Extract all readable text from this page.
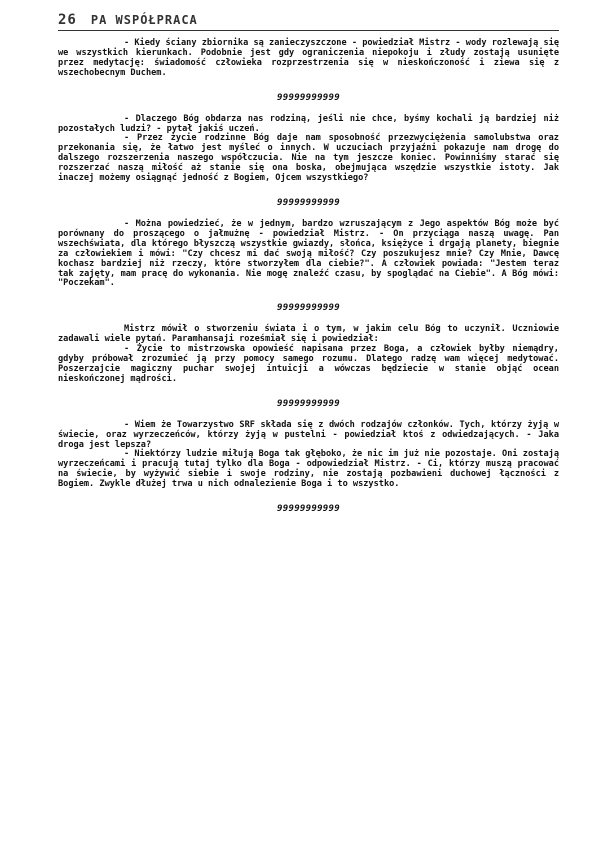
26 PA WSPÓŁPRACA

- Kiedy ściany zbiornika są zanieczyszczone - powiedział Mistrz - wody rozlewają się we wszystkich kierunkach. Podobnie jest gdy ograniczenia niepokoju i złudy zostają usunięte przez medytację: świadomość człowieka rozprzestrzenia się w nieskończoność i ziewa się z wszechobecnym Duchem.

99999999999

- Dlaczego Bóg obdarza nas rodziną, jeśli nie chce, byśmy kochali ją bardziej niż pozostałych ludzi? - pytał jakiś uczeń.

- Przez życie rodzinne Bóg daje nam sposobność przezwyciężenia samolubstwa oraz przekonania się, że łatwo jest myśleć o innych. W uczuciach przyjaźni pokazuje nam drogę do dalszego rozszerzenia naszego współczucia. Nie na tym jeszcze koniec. Powinniśmy starać się rozszerzać naszą miłość aż stanie się ona boska, obejmująca wszędzie wszystkie istoty. Jak inaczej możemy osiągnąć jedność z Bogiem, Ojcem wszystkiego?

99999999999

- Można powiedzieć, że w jednym, bardzo wzruszającym z Jego aspektów Bóg może być porównany do proszącego o jałmużnę - powiedział Mistrz. - On przyciąga naszą uwagę. Pan wszechświata, dla którego błyszczą wszystkie gwiazdy, słońca, księżyce i drgają planety, biegnie za człowiekiem i mówi: "Czy chcesz mi dać swoją miłość? Czy poszukujesz mnie? Czy Mnie, Dawcę kochasz bardziej niż rzeczy, które stworzyłem dla ciebie?". A człowiek powiada: "Jestem teraz tak zajęty, mam pracę do wykonania. Nie mogę znaleźć czasu, by spoglądać na Ciebie". A Bóg mówi: "Poczekam".

99999999999

Mistrz mówił o stworzeniu świata i o tym, w jakim celu Bóg to uczynił. Uczniowie zadawali wiele pytań. Paramhansaji roześmiał się i powiedział:

- Życie to mistrzowska opowieść napisana przez Boga, a człowiek byłby niemądry, gdyby próbował zrozumieć ją przy pomocy samego rozumu. Dlatego radzę wam więcej medytować. Poszerzajcie magiczny puchar swojej intuicji a wówczas będziecie w stanie objąć ocean nieskończonej mądrości.

99999999999

- Wiem że Towarzystwo SRF składa się z dwóch rodzajów członków. Tych, którzy żyją w świecie, oraz wyrzeczeńców, którzy żyją w pustelni - powiedział ktoś z odwiedzających. - Jaka droga jest lepsza?

- Niektórzy ludzie miłują Boga tak głęboko, że nic im już nie pozostaje. Oni zostają wyrzeczeńcami i pracują tutaj tylko dla Boga - odpowiedział Mistrz. - Ci, którzy muszą pracować na świecie, by wyżywić siebie i swoje rodziny, nie zostają pozbawieni duchowej łączności z Bogiem. Zwykle dłużej trwa u nich odnalezienie Boga i to wszystko.

99999999999
